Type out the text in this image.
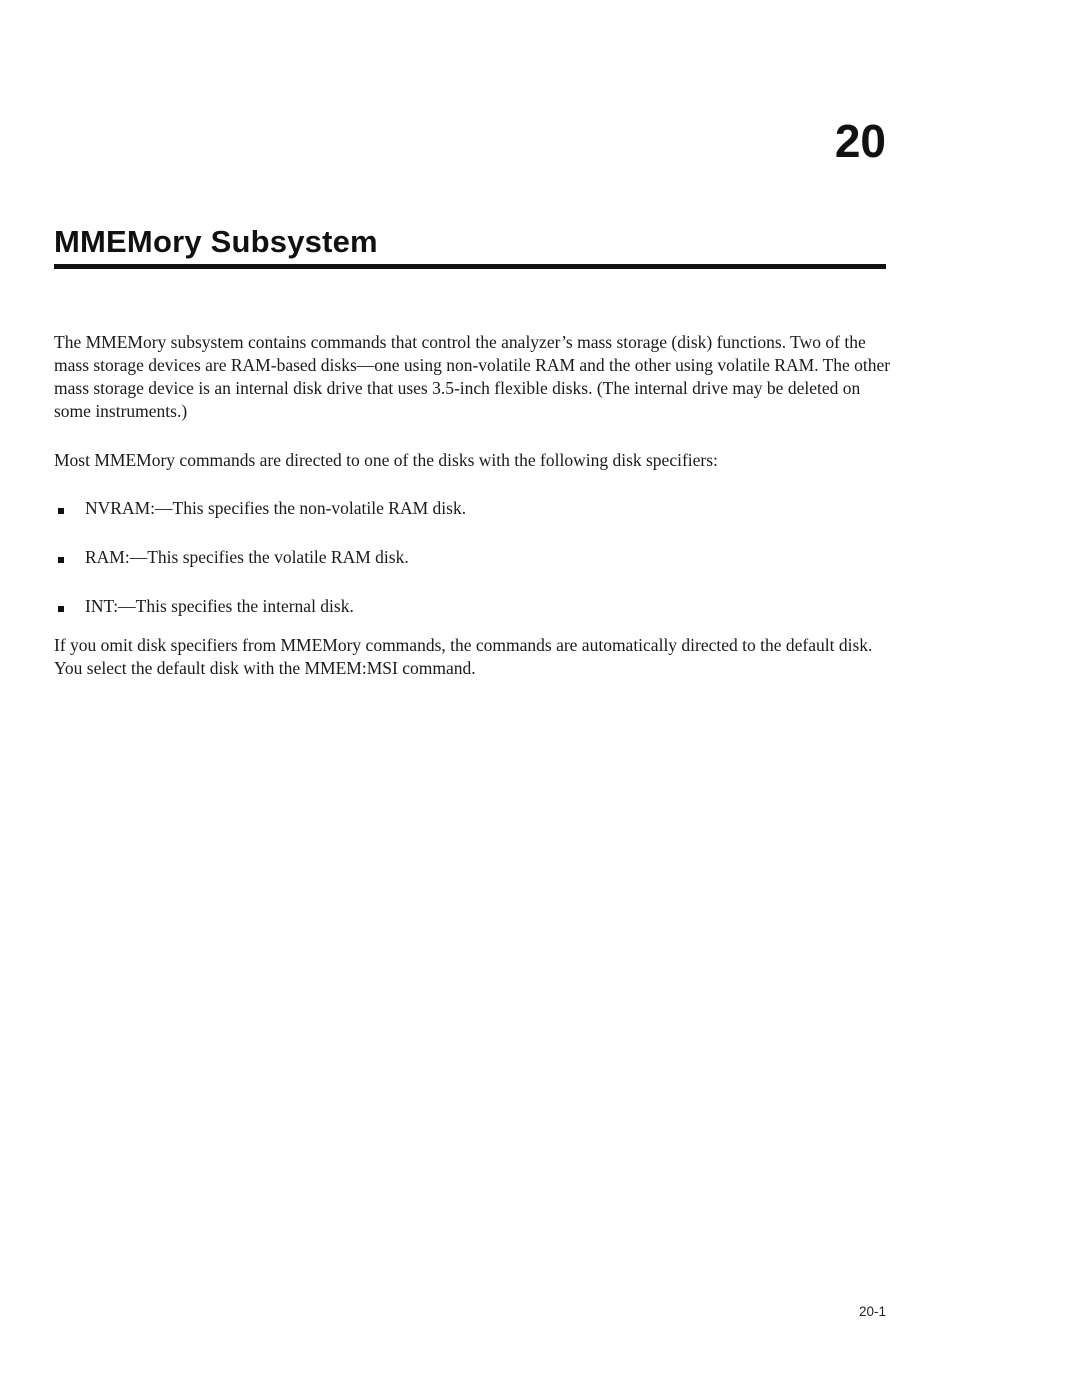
20
MMEMory Subsystem

The MMEMory subsystem contains commands that control the analyzer’s mass storage (disk) functions. Two of the mass storage devices are RAM-based disks—one using non-volatile RAM and the other using volatile RAM. The other mass storage device is an internal disk drive that uses 3.5-inch flexible disks. (The internal drive may be deleted on some instruments.)

Most MMEMory commands are directed to one of the disks with the following disk specifiers:

NVRAM:—This specifies the non-volatile RAM disk.
RAM:—This specifies the volatile RAM disk.
INT:—This specifies the internal disk.

If you omit disk specifiers from MMEMory commands, the commands are automatically directed to the default disk. You select the default disk with the MMEM:MSI command.

20-1
